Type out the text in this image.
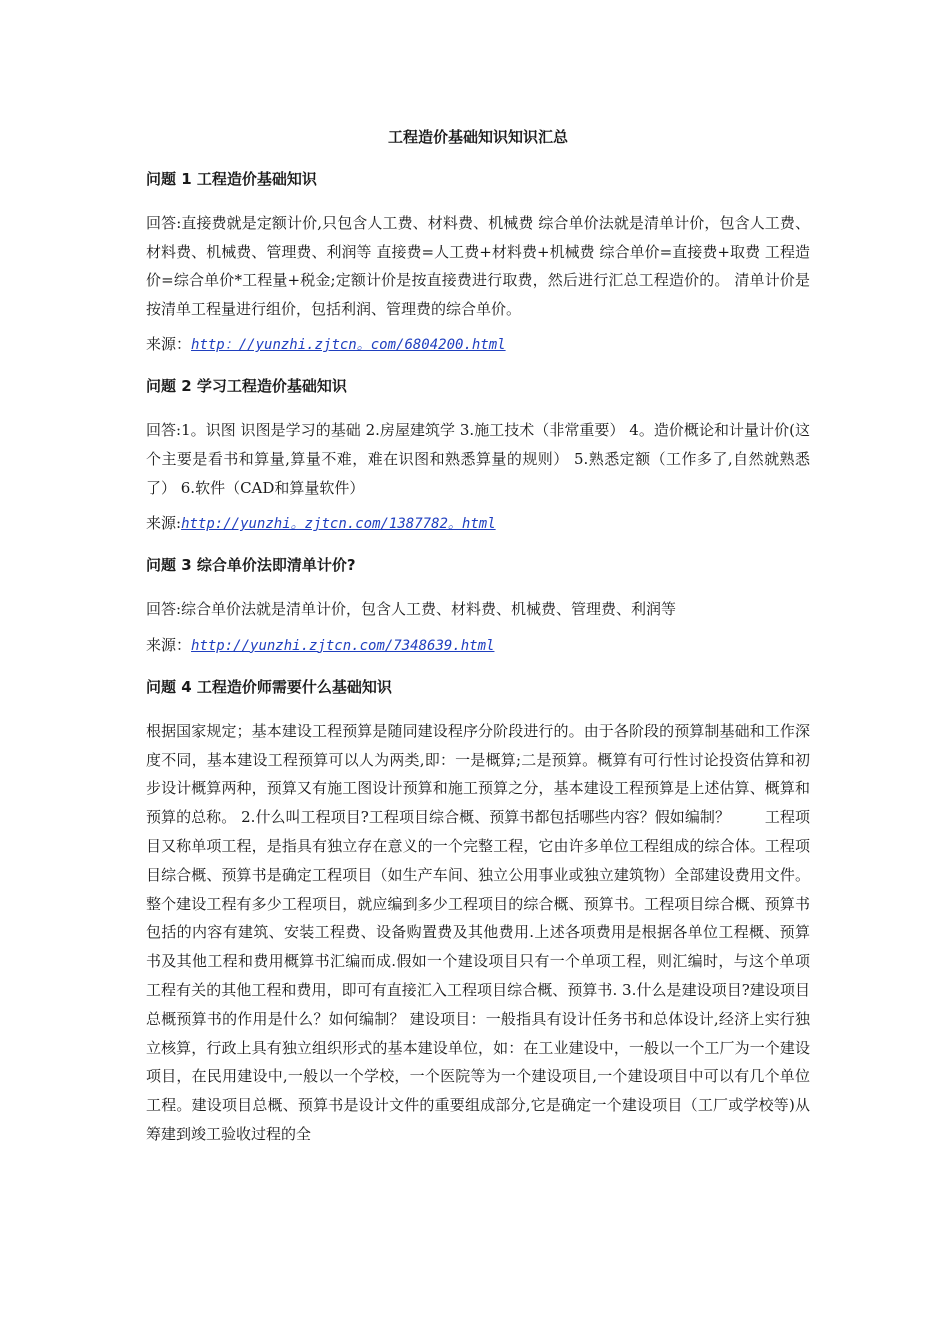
工程造价基础知识知识汇总
问题 1 工程造价基础知识
回答:直接费就是定额计价,只包含人工费、材料费、机械费 综合单价法就是清单计价，包含人工费、材料费、机械费、管理费、利润等 直接费=人工费+材料费+机械费 综合单价=直接费+取费 工程造价=综合单价*工程量+税金;定额计价是按直接费进行取费，然后进行汇总工程造价的。 清单计价是按清单工程量进行组价，包括利润、管理费的综合单价。
来源：http：//yunzhi.zjtcn。com/6804200.html
问题 2 学习工程造价基础知识
回答:1。识图 识图是学习的基础 2.房屋建筑学 3.施工技术（非常重要） 4。造价概论和计量计价(这个主要是看书和算量,算量不难，难在识图和熟悉算量的规则） 5.熟悉定额（工作多了,自然就熟悉了） 6.软件（CAD和算量软件）
来源:http://yunzhi。zjtcn.com/1387782。html
问题 3 综合单价法即清单计价?
回答:综合单价法就是清单计价，包含人工费、材料费、机械费、管理费、利润等
来源：http://yunzhi.zjtcn.com/7348639.html
问题 4 工程造价师需要什么基础知识
根据国家规定；基本建设工程预算是随同建设程序分阶段进行的。由于各阶段的预算制基础和工作深度不同，基本建设工程预算可以人为两类,即：一是概算;二是预算。概算有可行性讨论投资估算和初步设计概算两种，预算又有施工图设计预算和施工预算之分，基本建设工程预算是上述估算、概算和预算的总称。 2.什么叫工程项目?工程项目综合概、预算书都包括哪些内容？假如编制？ 　　工程项目又称单项工程，是指具有独立存在意义的一个完整工程，它由许多单位工程组成的综合体。工程项目综合概、预算书是确定工程项目（如生产车间、独立公用事业或独立建筑物）全部建设费用文件。整个建设工程有多少工程项目，就应编到多少工程项目的综合概、预算书。工程项目综合概、预算书包括的内容有建筑、安装工程费、设备购置费及其他费用.上述各项费用是根据各单位工程概、预算书及其他工程和费用概算书汇编而成.假如一个建设项目只有一个单项工程，则汇编时，与这个单项工程有关的其他工程和费用，即可有直接汇入工程项目综合概、预算书. 3.什么是建设项目?建设项目总概预算书的作用是什么？如何编制？ 建设项目：一般指具有设计任务书和总体设计,经济上实行独立核算，行政上具有独立组织形式的基本建设单位，如：在工业建设中，一般以一个工厂为一个建设项目，在民用建设中,一般以一个学校，一个医院等为一个建设项目,一个建设项目中可以有几个单位工程。建设项目总概、预算书是设计文件的重要组成部分,它是确定一个建设项目（工厂或学校等)从筹建到竣工验收过程的全
